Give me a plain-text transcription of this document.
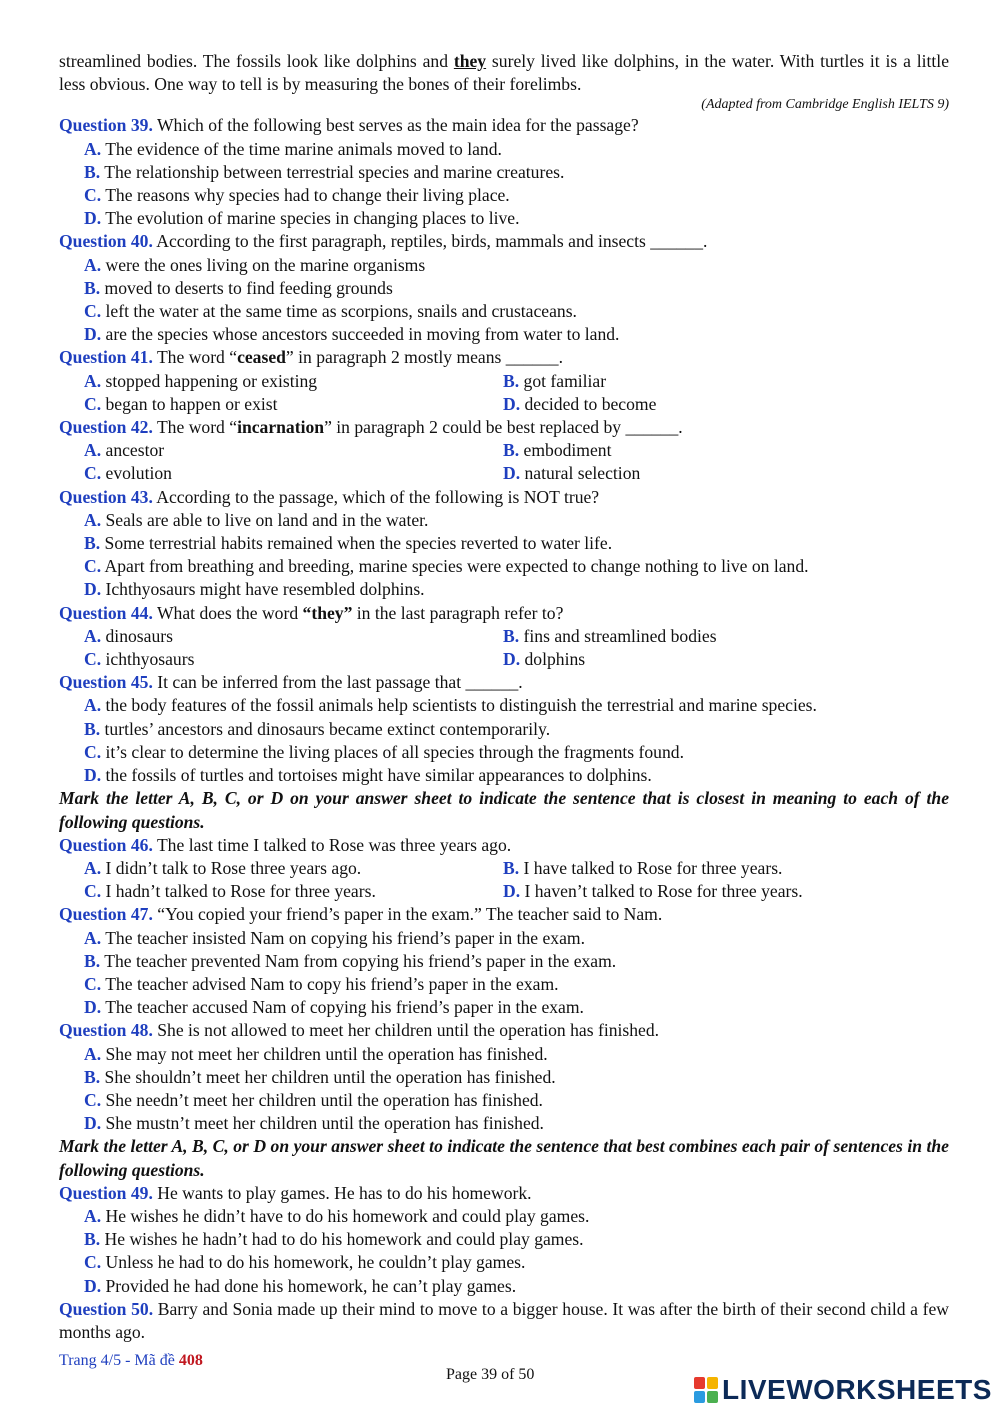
streamlined bodies. The fossils look like dolphins and they surely lived like dolphins, in the water. With turtles it is a little less obvious. One way to tell is by measuring the bones of their forelimbs.

(Adapted from Cambridge English IELTS 9)

Question 39. Which of the following best serves as the main idea for the passage?

A. The evidence of the time marine animals moved to land.
B. The relationship between terrestrial species and marine creatures.
C. The reasons why species had to change their living place.
D. The evolution of marine species in changing places to live.

Question 40. According to the first paragraph, reptiles, birds, mammals and insects ______.

A. were the ones living on the marine organisms
B. moved to deserts to find feeding grounds
C. left the water at the same time as scorpions, snails and crustaceans.
D. are the species whose ancestors succeeded in moving from water to land.

Question 41. The word “ceased” in paragraph 2 mostly means ______.

A. stopped happening or existing	B. got familiar
C. began to happen or exist	D. decided to become

Question 42. The word “incarnation” in paragraph 2 could be best replaced by ______.

A. ancestor	B. embodiment
C. evolution	D. natural selection

Question 43. According to the passage, which of the following is NOT true?

A. Seals are able to live on land and in the water.
B. Some terrestrial habits remained when the species reverted to water life.
C. Apart from breathing and breeding, marine species were expected to change nothing to live on land.
D. Ichthyosaurs might have resembled dolphins.

Question 44. What does the word “they” in the last paragraph refer to?

A. dinosaurs	B. fins and streamlined bodies
C. ichthyosaurs	D. dolphins

Question 45. It can be inferred from the last passage that ______.

A. the body features of the fossil animals help scientists to distinguish the terrestrial and marine species.
B. turtles’ ancestors and dinosaurs became extinct contemporarily.
C. it’s clear to determine the living places of all species through the fragments found.
D. the fossils of turtles and tortoises might have similar appearances to dolphins.

Mark the letter A, B, C, or D on your answer sheet to indicate the sentence that is closest in meaning to each of the following questions.

Question 46. The last time I talked to Rose was three years ago.

A. I didn’t talk to Rose three years ago.	B. I have talked to Rose for three years.
C. I hadn’t talked to Rose for three years.	D. I haven’t talked to Rose for three years.

Question 47. “You copied your friend’s paper in the exam.” The teacher said to Nam.

A. The teacher insisted Nam on copying his friend’s paper in the exam.
B. The teacher prevented Nam from copying his friend’s paper in the exam.
C. The teacher advised Nam to copy his friend’s paper in the exam.
D. The teacher accused Nam of copying his friend’s paper in the exam.

Question 48. She is not allowed to meet her children until the operation has finished.

A. She may not meet her children until the operation has finished.
B. She shouldn’t meet her children until the operation has finished.
C. She needn’t meet her children until the operation has finished.
D. She mustn’t meet her children until the operation has finished.

Mark the letter A, B, C, or D on your answer sheet to indicate the sentence that best combines each pair of sentences in the following questions.

Question 49. He wants to play games. He has to do his homework.

A. He wishes he didn’t have to do his homework and could play games.
B. He wishes he hadn’t had to do his homework and could play games.
C. Unless he had to do his homework, he couldn’t play games.
D. Provided he had done his homework, he can’t play games.

Question 50. Barry and Sonia made up their mind to move to a bigger house. It was after the birth of their second child a few months ago.

Trang 4/5 - Mã đề 408
Page 39 of 50	LIVEWORKSHEETS
